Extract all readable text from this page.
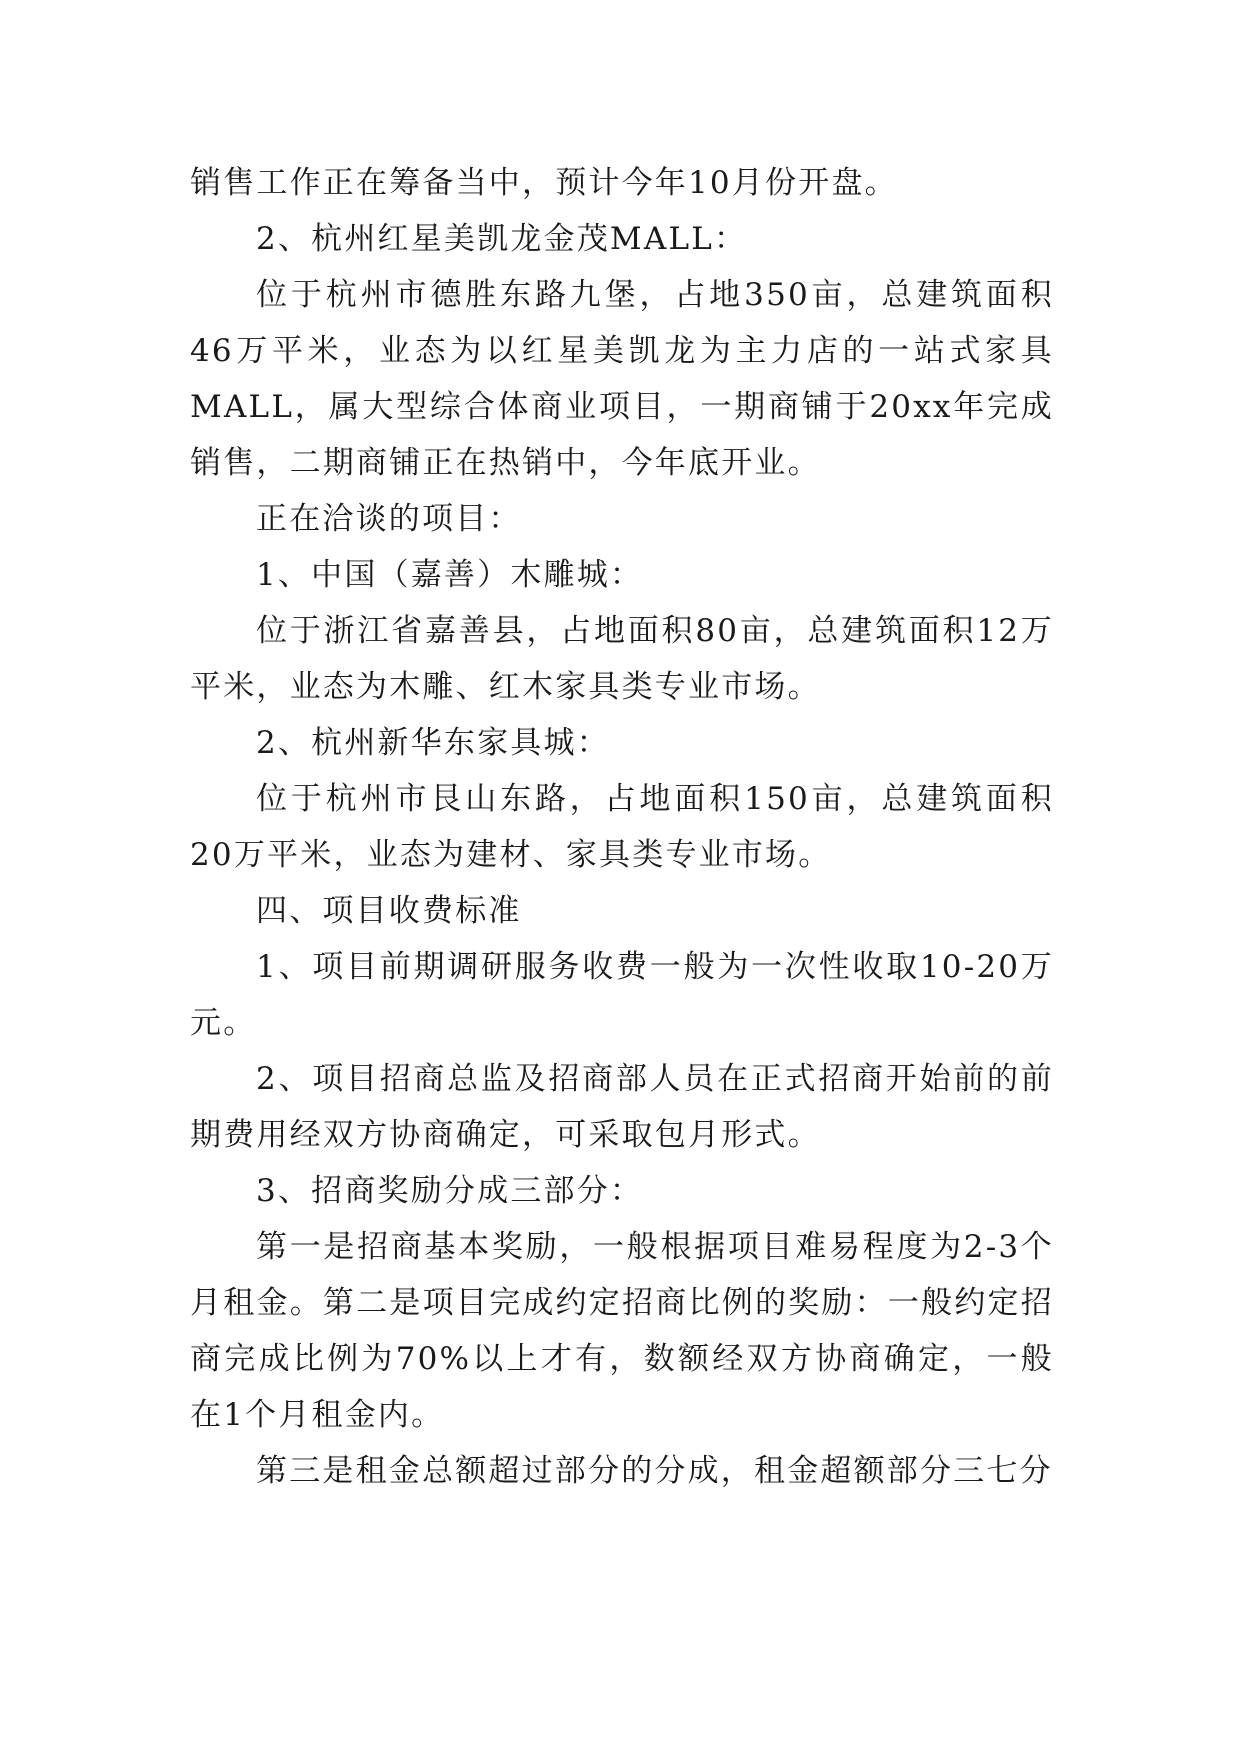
销售工作正在筹备当中，预计今年10月份开盘。

2、杭州红星美凯龙金茂MALL：

位于杭州市德胜东路九堡，占地350亩，总建筑面积46万平米，业态为以红星美凯龙为主力店的一站式家具MALL，属大型综合体商业项目，一期商铺于20xx年完成销售，二期商铺正在热销中，今年底开业。

正在洽谈的项目：

1、中国（嘉善）木雕城：

位于浙江省嘉善县，占地面积80亩，总建筑面积12万平米，业态为木雕、红木家具类专业市场。

2、杭州新华东家具城：

位于杭州市艮山东路，占地面积150亩，总建筑面积20万平米，业态为建材、家具类专业市场。

四、项目收费标准

1、项目前期调研服务收费一般为一次性收取10-20万元。

2、项目招商总监及招商部人员在正式招商开始前的前期费用经双方协商确定，可采取包月形式。

3、招商奖励分成三部分：

第一是招商基本奖励，一般根据项目难易程度为2-3个月租金。第二是项目完成约定招商比例的奖励：一般约定招商完成比例为70%以上才有，数额经双方协商确定，一般在1个月租金内。

第三是租金总额超过部分的分成，租金超额部分三七分
